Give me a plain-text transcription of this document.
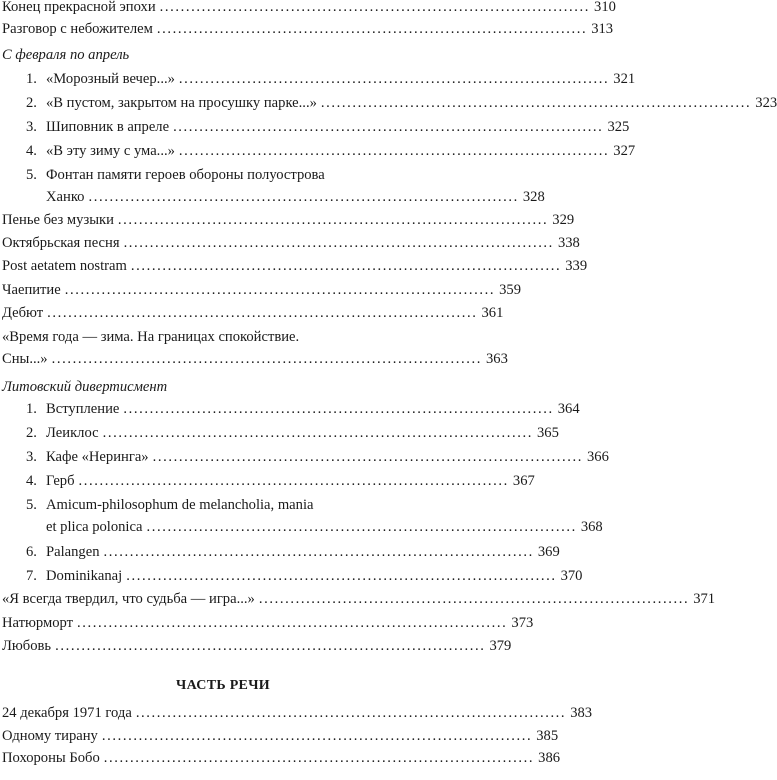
Конец прекрасной эпохи .................................................................................. 310
Разговор с небожителем .................................................................................. 313
С февраля по апрель
1. «Морозный вечер...» .................................................................................. 321
2. «В пустом, закрытом на просушку парке...» .................................................................................. 323
3. Шиповник в апреле .................................................................................. 325
4. «В эту зиму с ума...» .................................................................................. 327
5. Фонтан памяти героев обороны полуострова
Ханко .................................................................................. 328
Пенье без музыки .................................................................................. 329
Октябрьская песня .................................................................................. 338
Post aetatem nostram .................................................................................. 339
Чаепитие .................................................................................. 359
Дебют .................................................................................. 361
«Время года — зима. На границах спокойствие.
Сны...» .................................................................................. 363
Литовский дивертисмент
1. Вступление .................................................................................. 364
2. Леиклос .................................................................................. 365
3. Кафе «Неринга» .................................................................................. 366
4. Герб .................................................................................. 367
5. Amicum-philosophum de melancholia, mania
et plica polonica .................................................................................. 368
6. Palangen .................................................................................. 369
7. Dominikanaj .................................................................................. 370
«Я всегда твердил, что судьба — игра...» .................................................................................. 371
Натюрморт .................................................................................. 373
Любовь .................................................................................. 379
ЧАСТЬ РЕЧИ
24 декабря 1971 года .................................................................................. 383
Одному тирану .................................................................................. 385
Похороны Бобо .................................................................................. 386
